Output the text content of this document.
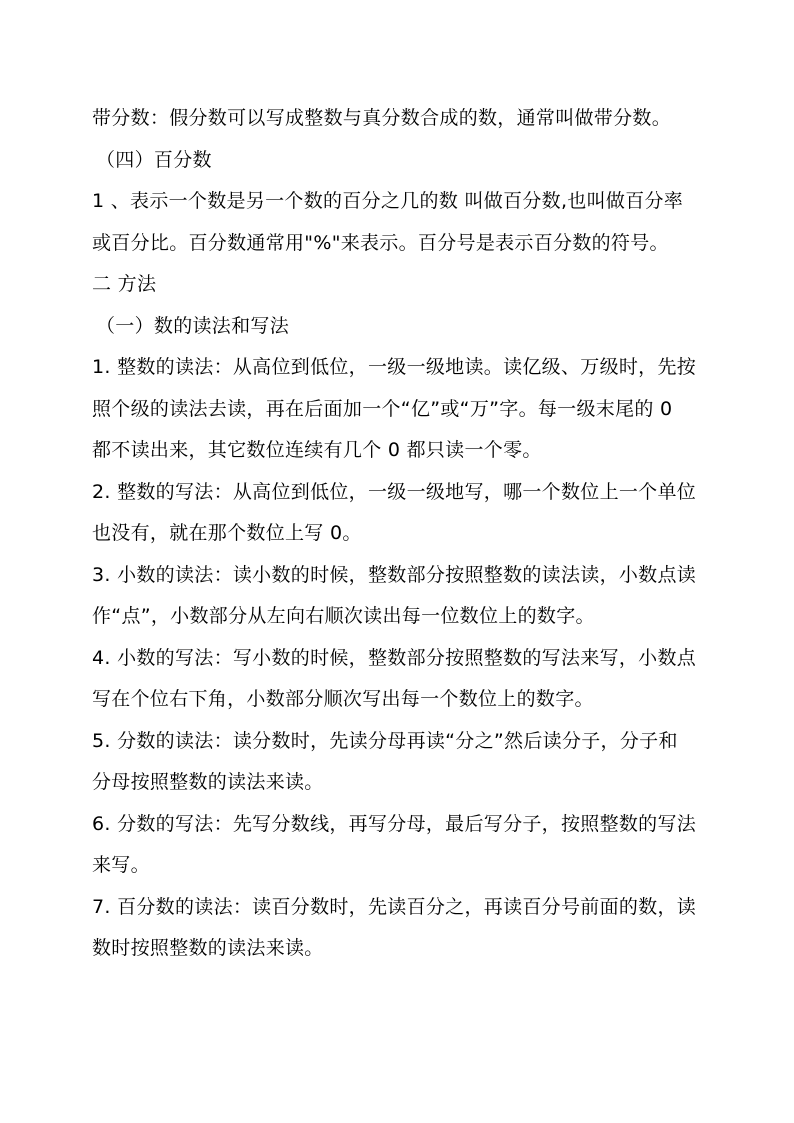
带分数：假分数可以写成整数与真分数合成的数，通常叫做带分数。
（四）百分数
1 、表示一个数是另一个数的百分之几的数 叫做百分数,也叫做百分率
或百分比。百分数通常用"%"来表示。百分号是表示百分数的符号。
二 方法
（一）数的读法和写法
1. 整数的读法：从高位到低位，一级一级地读。读亿级、万级时，先按
照个级的读法去读，再在后面加一个“亿”或“万”字。每一级末尾的 0
都不读出来，其它数位连续有几个 0 都只读一个零。
2. 整数的写法：从高位到低位，一级一级地写，哪一个数位上一个单位
也没有，就在那个数位上写 0。
3. 小数的读法：读小数的时候，整数部分按照整数的读法读，小数点读
作“点”，小数部分从左向右顺次读出每一位数位上的数字。
4. 小数的写法：写小数的时候，整数部分按照整数的写法来写，小数点
写在个位右下角，小数部分顺次写出每一个数位上的数字。
5. 分数的读法：读分数时，先读分母再读“分之”然后读分子，分子和
分母按照整数的读法来读。
6. 分数的写法：先写分数线，再写分母，最后写分子，按照整数的写法
来写。
7. 百分数的读法：读百分数时，先读百分之，再读百分号前面的数，读
数时按照整数的读法来读。
